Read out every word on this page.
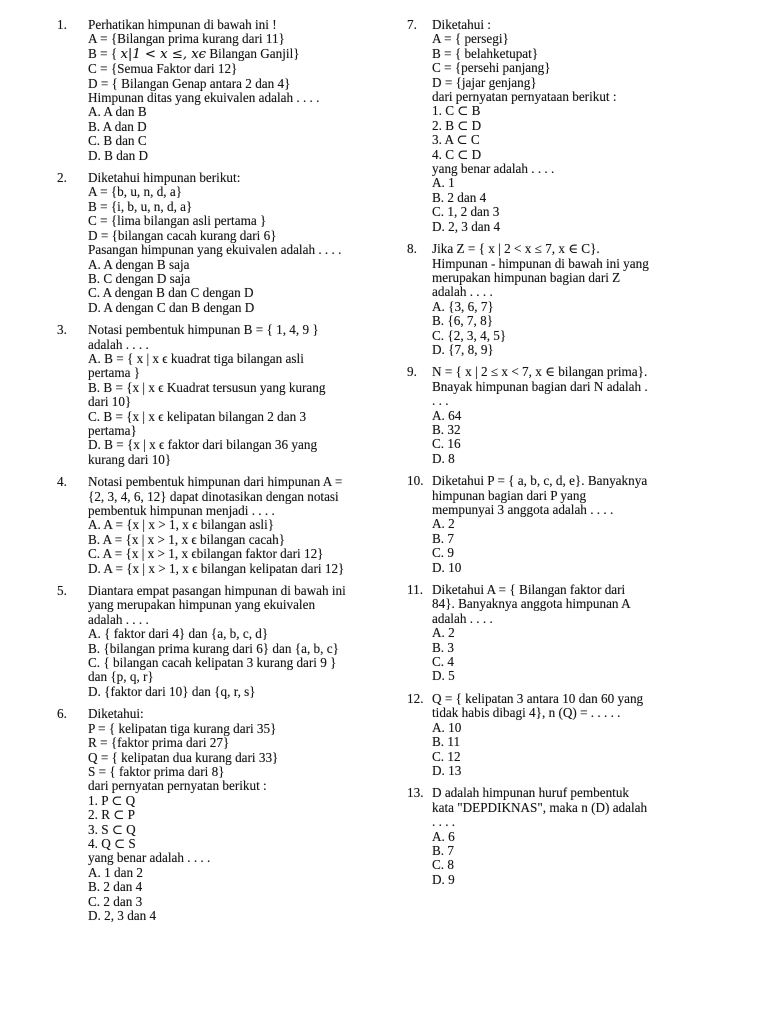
1.	Perhatikan himpunan di bawah ini !
A = {Bilangan prima kurang dari 11}
B = { x|1 < x ≤, xϵ Bilangan Ganjil}
C = {Semua Faktor dari 12}
D = { Bilangan Genap antara 2 dan 4}
Himpunan ditas yang ekuivalen adalah . . . .
A. A dan B
B. A dan D
C. B dan C
D. B dan D
2.	Diketahui himpunan berikut:
A = {b, u, n, d, a}
B = {i, b, u, n, d, a}
C = {lima bilangan asli pertama }
D = {bilangan cacah kurang dari 6}
Pasangan himpunan yang ekuivalen adalah . . . .
A. A dengan B saja
B. C dengan D saja
C. A dengan B dan C dengan D
D. A dengan C dan B dengan D
3.	Notasi pembentuk himpunan B = { 1, 4, 9 }
adalah . . . .
A. B = { x | x ϵ kuadrat tiga bilangan asli
pertama }
B. B = {x | x ϵ Kuadrat tersusun yang kurang
dari 10}
C. B = {x | x ϵ kelipatan bilangan 2 dan 3
pertama}
D. B = {x | x ϵ faktor dari bilangan 36 yang
kurang dari 10}
4.	Notasi pembentuk himpunan dari himpunan A =
{2, 3, 4, 6, 12} dapat dinotasikan dengan notasi
pembentuk himpunan menjadi . . . .
A. A = {x | x > 1, x ϵ bilangan asli}
B. A = {x | x > 1, x ϵ bilangan cacah}
C. A = {x | x > 1, x ϵbilangan faktor dari 12}
D. A = {x | x > 1, x ϵ bilangan kelipatan dari 12}
5.	Diantara empat pasangan himpunan di bawah ini
yang merupakan himpunan yang ekuivalen
adalah . . . .
A. { faktor dari 4} dan {a, b, c, d}
B. {bilangan prima kurang dari 6} dan {a, b, c}
C. { bilangan cacah kelipatan 3 kurang dari 9 }
dan {p, q, r}
D. {faktor dari 10} dan {q, r, s}
6.	Diketahui:
P = { kelipatan tiga kurang dari 35}
R = {faktor prima dari 27}
Q = { kelipatan dua kurang dari 33}
S = { faktor prima dari 8}
dari pernyatan pernyatan berikut :
1. P ⊂ Q
2. R ⊂ P
3. S ⊂ Q
4. Q ⊂ S
yang benar adalah . . . .
A. 1 dan 2
B. 2 dan 4
C. 2 dan 3
D. 2, 3 dan 4
7.	Diketahui :
A = { persegi}
B = { belahketupat}
C = {persehi panjang}
D = {jajar genjang}
dari pernyatan pernyataan berikut :
1. C ⊂ B
2. B ⊂ D
3. A ⊂ C
4. C ⊂ D
yang benar adalah . . . .
A. 1
B. 2 dan 4
C. 1, 2 dan 3
D. 2, 3 dan 4
8.	Jika Z = { x | 2 < x ≤ 7, x ∈ C}.
Himpunan - himpunan di bawah ini yang
merupakan himpunan bagian dari Z
adalah . . . .
A. {3, 6, 7}
B. {6, 7, 8}
C. {2, 3, 4, 5}
D. {7, 8, 9}
9.	N = { x | 2 ≤ x < 7, x ∈ bilangan prima}.
Bnayak himpunan bagian dari N adalah .
. . .
A. 64
B. 32
C. 16
D. 8
10. Diketahui P = { a, b, c, d, e}. Banyaknya
himpunan bagian dari P yang
mempunyai 3 anggota adalah . . . .
A. 2
B. 7
C. 9
D. 10
11. Diketahui A = { Bilangan faktor dari
84}. Banyaknya anggota himpunan A
adalah . . . .
A. 2
B. 3
C. 4
D. 5
12. Q = { kelipatan 3 antara 10 dan 60 yang
tidak habis dibagi 4}, n (Q) = . . . . .
A. 10
B. 11
C. 12
D. 13
13. D adalah himpunan huruf pembentuk
kata "DEPDIKNAS", maka n (D) adalah
. . . .
A. 6
B. 7
C. 8
D. 9
